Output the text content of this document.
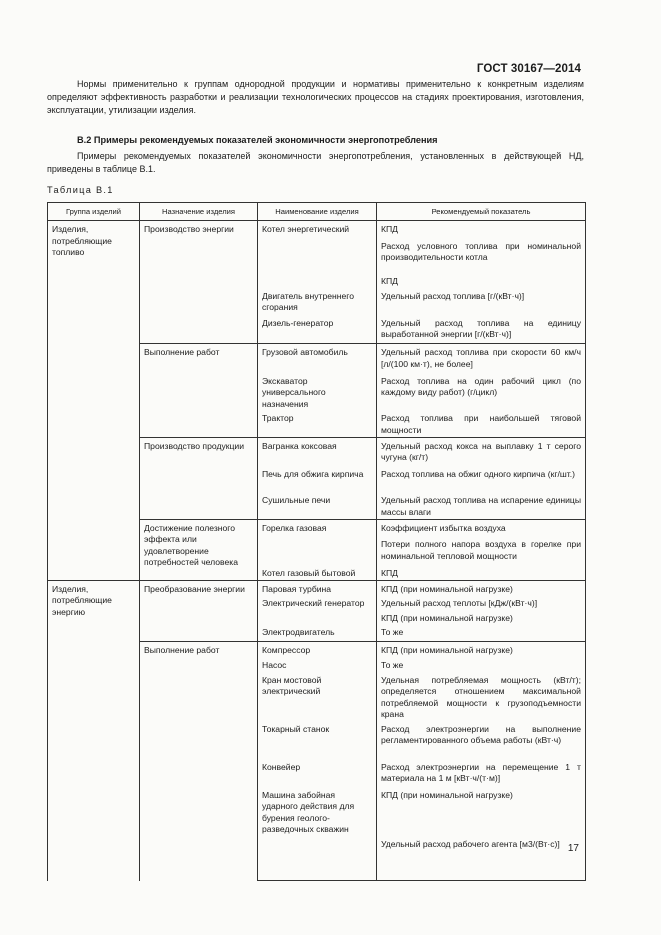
ГОСТ 30167—2014
Нормы применительно к группам однородной продукции и нормативы применительно к конкретным изделиям определяют эффективность разработки и реализации технологических процессов на стадиях проектирования, изготовления, эксплуатации, утилизации изделия.
В.2 Примеры рекомендуемых показателей экономичности энергопотребления
Примеры рекомендуемых показателей экономичности энергопотребления, установленных в действующей НД, приведены в таблице В.1.
Таблица В.1
Группа изделий	Назначение изделия	Наименование изделия	Рекомендуемый показатель

Изделия, потребляющие топливо	Производство энергии	Котел энергетический	КПД

			Расход условного топлива при номинальной производительности котла

			КПД

		Двигатель внутреннего сгорания	Удельный расход топлива [г/(кВт·ч)]

		Дизель-генератор	Удельный расход топлива на единицу выработанной энергии [г/(кВт·ч)]

	Выполнение работ	Грузовой автомобиль	Удельный расход топлива при скорости 60 км/ч [л/(100 км·т), не более]

		Экскаватор универсального назначения	Расход топлива на один рабочий цикл (по каждому виду работ) (г/цикл)

		Трактор	Расход топлива при наибольшей тяговой мощности

	Производство продукции	Вагранка коксовая	Удельный расход кокса на выплавку 1 т серого чугуна (кг/т)

		Печь для обжига кирпича	Расход топлива на обжиг одного кирпича (кг/шт.)

		Сушильные печи	Удельный расход топлива на испарение единицы массы влаги

	Достижение полезного эффекта или удовлетворение потребностей человека	Горелка газовая	Коэффициент избытка воздуха

			Потери полного напора воздуха в горелке при номинальной тепловой мощности

		Котел газовый бытовой	КПД

Изделия, потребляющие энергию	Преобразование энергии	Паровая турбина	КПД (при номинальной нагрузке)

		Электрический генератор	Удельный расход теплоты [кДж/(кВт·ч)]

			КПД (при номинальной нагрузке)

		Электродвигатель	То же

	Выполнение работ	Компрессор	КПД (при номинальной нагрузке)

		Насос	То же

		Кран мостовой электрический	Удельная потребляемая мощность (кВт/т); определяется отношением максимальной потребляемой мощности к грузоподъемности крана

		Токарный станок	Расход электроэнергии на выполнение регламентированного объема работы (кВт·ч)

		Конвейер	Расход электроэнергии на перемещение 1 т материала на 1 м [кВт·ч/(т·м)]

		Машина забойная ударного действия для бурения геолого-разведочных скважин	КПД (при номинальной нагрузке)

			Удельный расход рабочего агента [м3/(Вт·с)] 17
